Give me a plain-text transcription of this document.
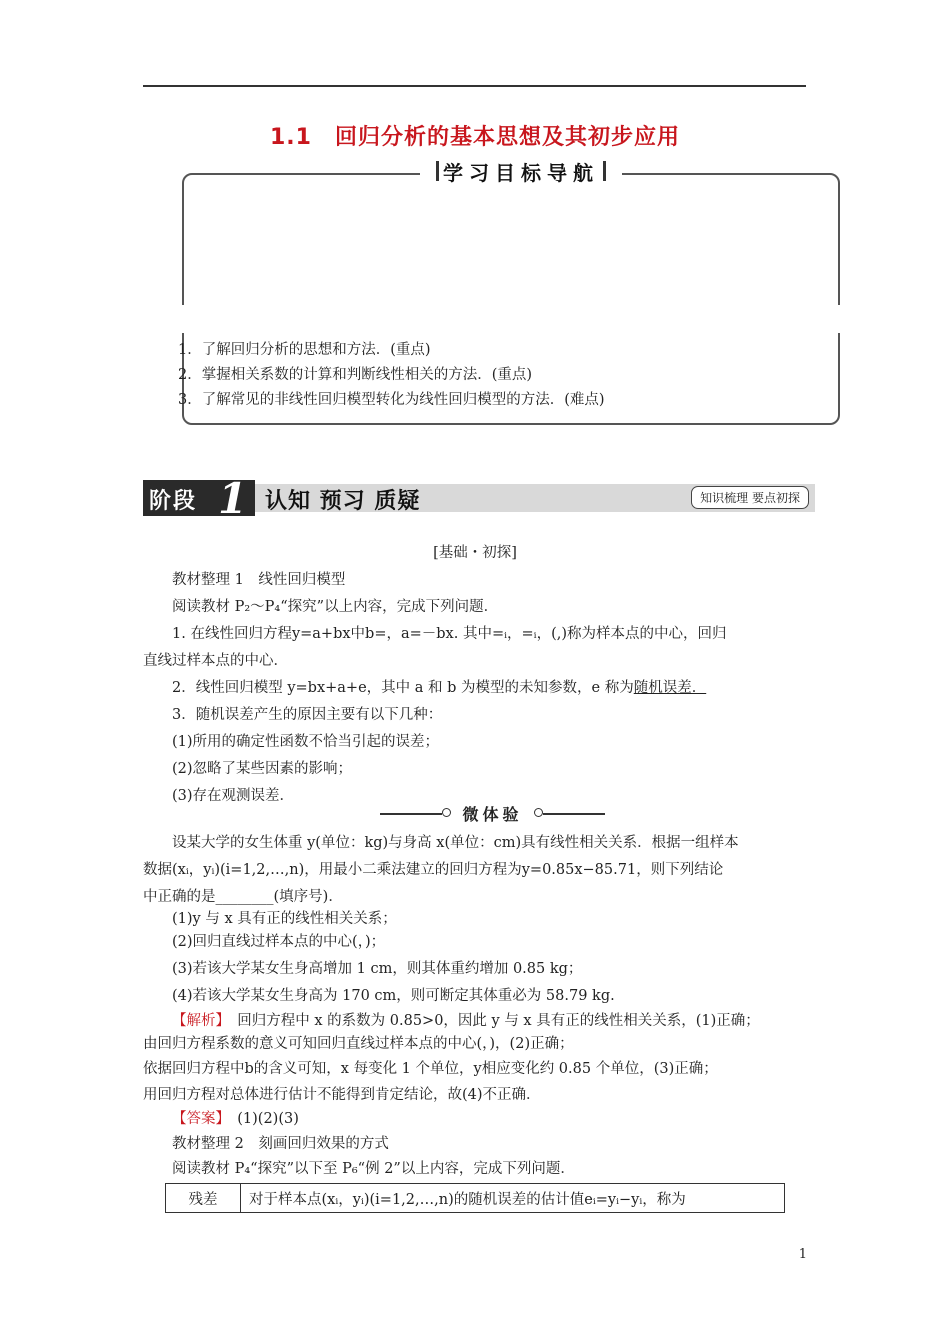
1.1　回归分析的基本思想及其初步应用
学习目标导航
1．了解回归分析的思想和方法．(重点)
2．掌握相关系数的计算和判断线性相关的方法．(重点)
3．了解常见的非线性回归模型转化为线性回归模型的方法．(难点)
阶段 1 认知 预习 质疑	知识梳理 要点初探
[基础・初探]
教材整理 1　线性回归模型
阅读教材 P₂～P₄“探究”以上内容，完成下列问题．
1. 在线性回归方程y=a+bx中b=，a=－bx. 其中=ᵢ，=ᵢ，(,)称为样本点的中心，回归
直线过样本点的中心．
2．线性回归模型 y=bx+a+e，其中 a 和 b 为模型的未知参数，e 称为随机误差．
3．随机误差产生的原因主要有以下几种：
(1)所用的确定性函数不恰当引起的误差；
(2)忽略了某些因素的影响；
(3)存在观测误差．
微体验
设某大学的女生体重 y(单位：kg)与身高 x(单位：cm)具有线性相关关系．根据一组样本
数据(xᵢ，yᵢ)(i=1,2,…,n)，用最小二乘法建立的回归方程为y=0.85x−85.71，则下列结论
中正确的是________(填序号)．
(1)y 与 x 具有正的线性相关关系；
(2)回归直线过样本点的中心(，)；
(3)若该大学某女生身高增加 1 cm，则其体重约增加 0.85 kg；
(4)若该大学某女生身高为 170 cm，则可断定其体重必为 58.79 kg.
【解析】　回归方程中 x 的系数为 0.85>0，因此 y 与 x 具有正的线性相关关系，(1)正确；
由回归方程系数的意义可知回归直线过样本点的中心(，)，(2)正确；
依据回归方程中b的含义可知，x 每变化 1 个单位，y相应变化约 0.85 个单位，(3)正确；
用回归方程对总体进行估计不能得到肯定结论，故(4)不正确．
【答案】　(1)(2)(3)
教材整理 2　刻画回归效果的方式
阅读教材 P₄“探究”以下至 P₆“例 2”以上内容，完成下列问题．
残差	对于样本点(xᵢ，yᵢ)(i=1,2,…,n)的随机误差的估计值eᵢ=yᵢ−yᵢ，称为
1
